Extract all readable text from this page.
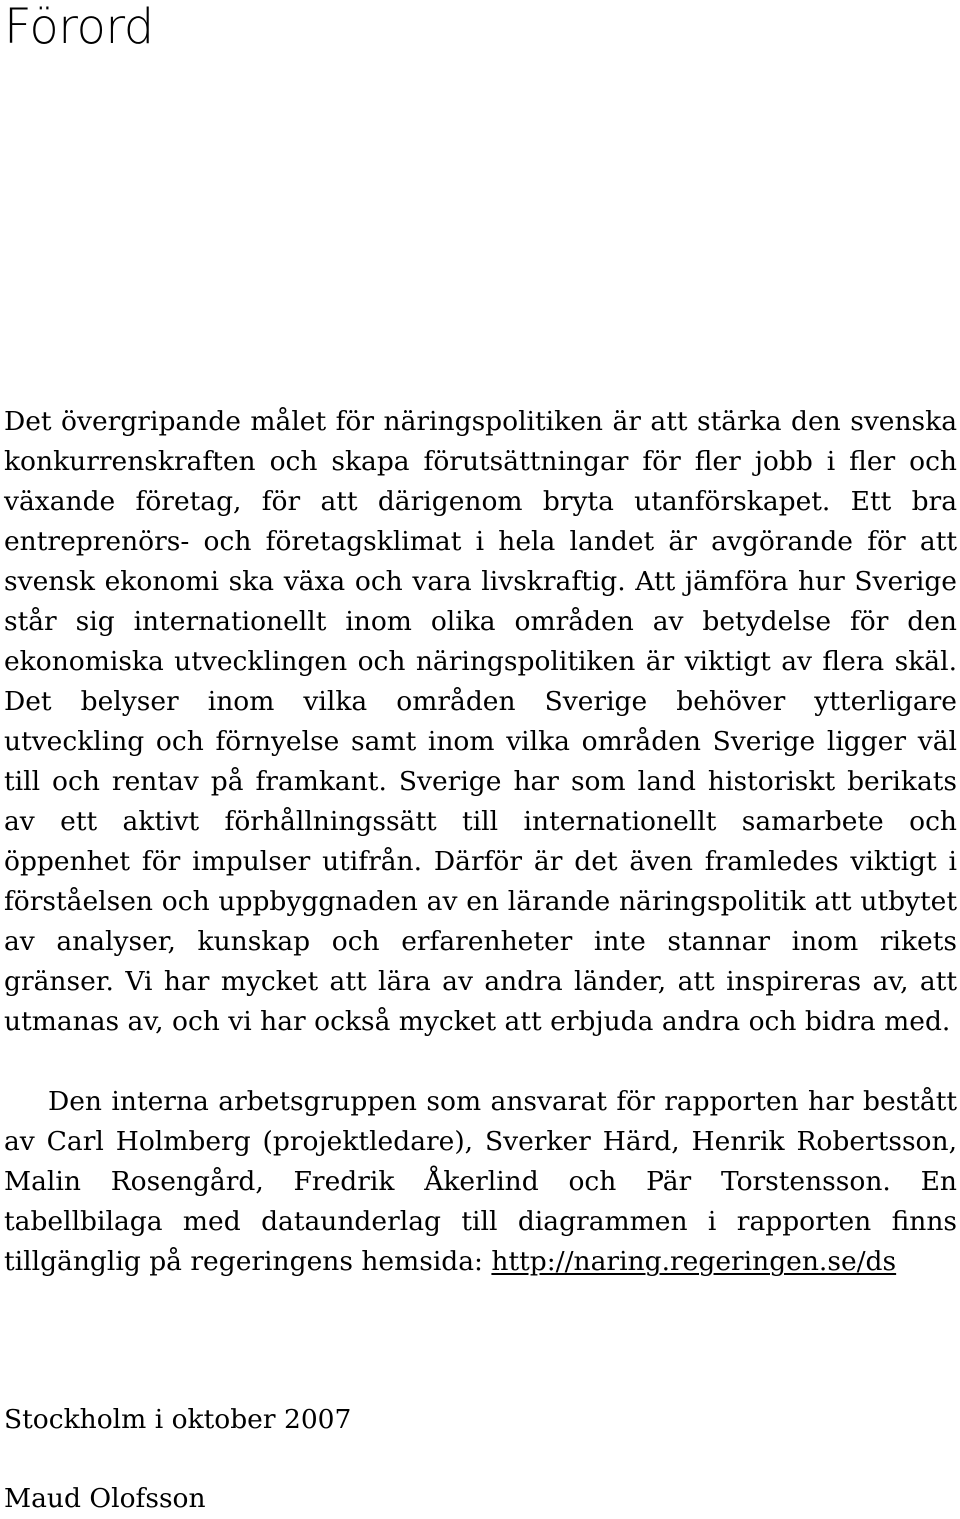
Förord

Det övergripande målet för näringspolitiken är att stärka den svenska konkurrenskraften och skapa förutsättningar för fler jobb i fler och växande företag, för att därigenom bryta utanförskapet. Ett bra entreprenörs- och företagsklimat i hela landet är avgörande för att svensk ekonomi ska växa och vara livskraftig. Att jämföra hur Sverige står sig internationellt inom olika områden av betydelse för den ekonomiska utvecklingen och näringspolitiken är viktigt av flera skäl. Det belyser inom vilka områden Sverige behöver ytterligare utveckling och förnyelse samt inom vilka områden Sverige ligger väl till och rentav på framkant. Sverige har som land historiskt berikats av ett aktivt förhållningssätt till internationellt samarbete och öppenhet för impulser utifrån. Därför är det även framledes viktigt i förståelsen och uppbyggnaden av en lärande näringspolitik att utbytet av analyser, kunskap och erfarenheter inte stannar inom rikets gränser. Vi har mycket att lära av andra länder, att inspireras av, att utmanas av, och vi har också mycket att erbjuda andra och bidra med.

Den interna arbetsgruppen som ansvarat för rapporten har bestått av Carl Holmberg (projektledare), Sverker Härd, Henrik Robertsson, Malin Rosengård, Fredrik Åkerlind och Pär Torstensson. En tabellbilaga med dataunderlag till diagrammen i rapporten finns tillgänglig på regeringens hemsida: http://naring.regeringen.se/ds

Stockholm i oktober 2007

Maud Olofsson
